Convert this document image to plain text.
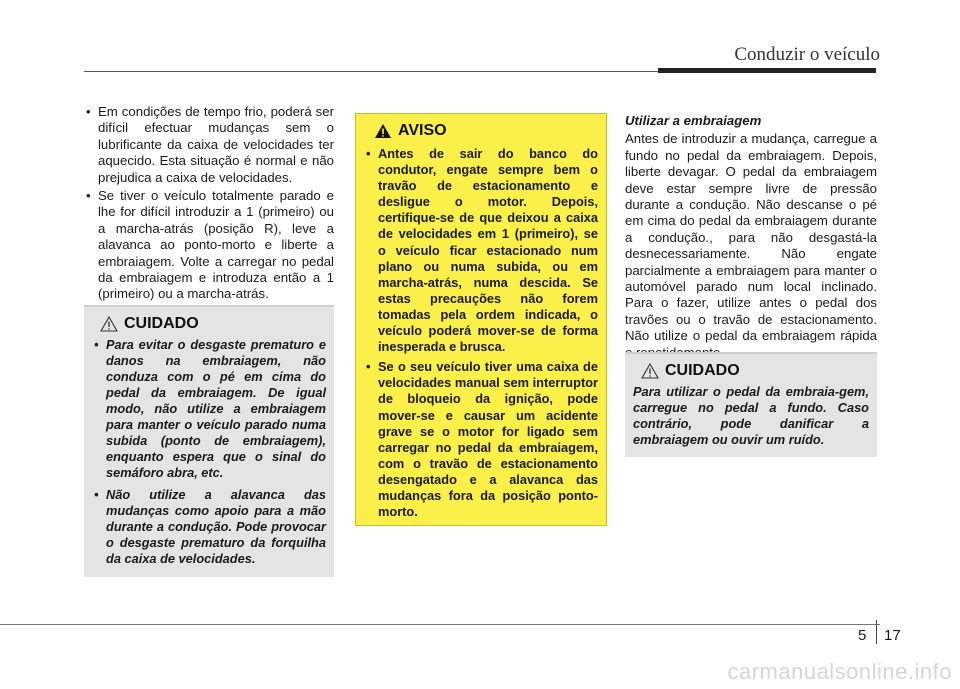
Conduzir o veículo
• Em condições de tempo frio, poderá ser difícil efectuar mudanças sem o lubrificante da caixa de velocidades ter aquecido. Esta situação é normal e não prejudica a caixa de velocidades.
• Se tiver o veículo totalmente parado e lhe for difícil introduzir a 1 (primeiro) ou a marcha-atrás (posição R), leve a alavanca ao ponto-morto e liberte a embraiagem. Volte a carregar no pedal da embraiagem e introduza então a 1 (primeiro) ou a marcha-atrás.
CUIDADO
• Para evitar o desgaste prematuro e danos na embraiagem, não conduza com o pé em cima do pedal da embraiagem. De igual modo, não utilize a embraiagem para manter o veículo parado numa subida (ponto de embraiagem), enquanto espera que o sinal do semáforo abra, etc.
• Não utilize a alavanca das mudanças como apoio para a mão durante a condução. Pode provocar o desgaste prematuro da forquilha da caixa de velocidades.
AVISO
• Antes de sair do banco do condutor, engate sempre bem o travão de estacionamento e desligue o motor. Depois, certifique-se de que deixou a caixa de velocidades em 1 (primeiro), se o veículo ficar estacionado num plano ou numa subida, ou em marcha-atrás, numa descida. Se estas precauções não forem tomadas pela ordem indicada, o veículo poderá mover-se de forma inesperada e brusca.
• Se o seu veículo tiver uma caixa de velocidades manual sem interruptor de bloqueio da ignição, pode mover-se e causar um acidente grave se o motor for ligado sem carregar no pedal da embraiagem, com o travão de estacionamento desengatado e a alavanca das mudanças fora da posição ponto-morto.
Utilizar a embraiagem
Antes de introduzir a mudança, carregue a fundo no pedal da embraiagem. Depois, liberte devagar. O pedal da embraiagem deve estar sempre livre de pressão durante a condução. Não descanse o pé em cima do pedal da embraiagem durante a condução., para não desgastá-la desnecessariamente. Não engate parcialmente a embraiagem para manter o automóvel parado num local inclinado. Para o fazer, utilize antes o pedal dos travões ou o travão de estacionamento. Não utilize o pedal da embraiagem rápida
CUIDADO
Para utilizar o pedal da embraia-gem, carregue no pedal a fundo. Caso contrário, pode danificar a embraiagem ou ouvir um ruído.
5 17
carmanualsonline.info
